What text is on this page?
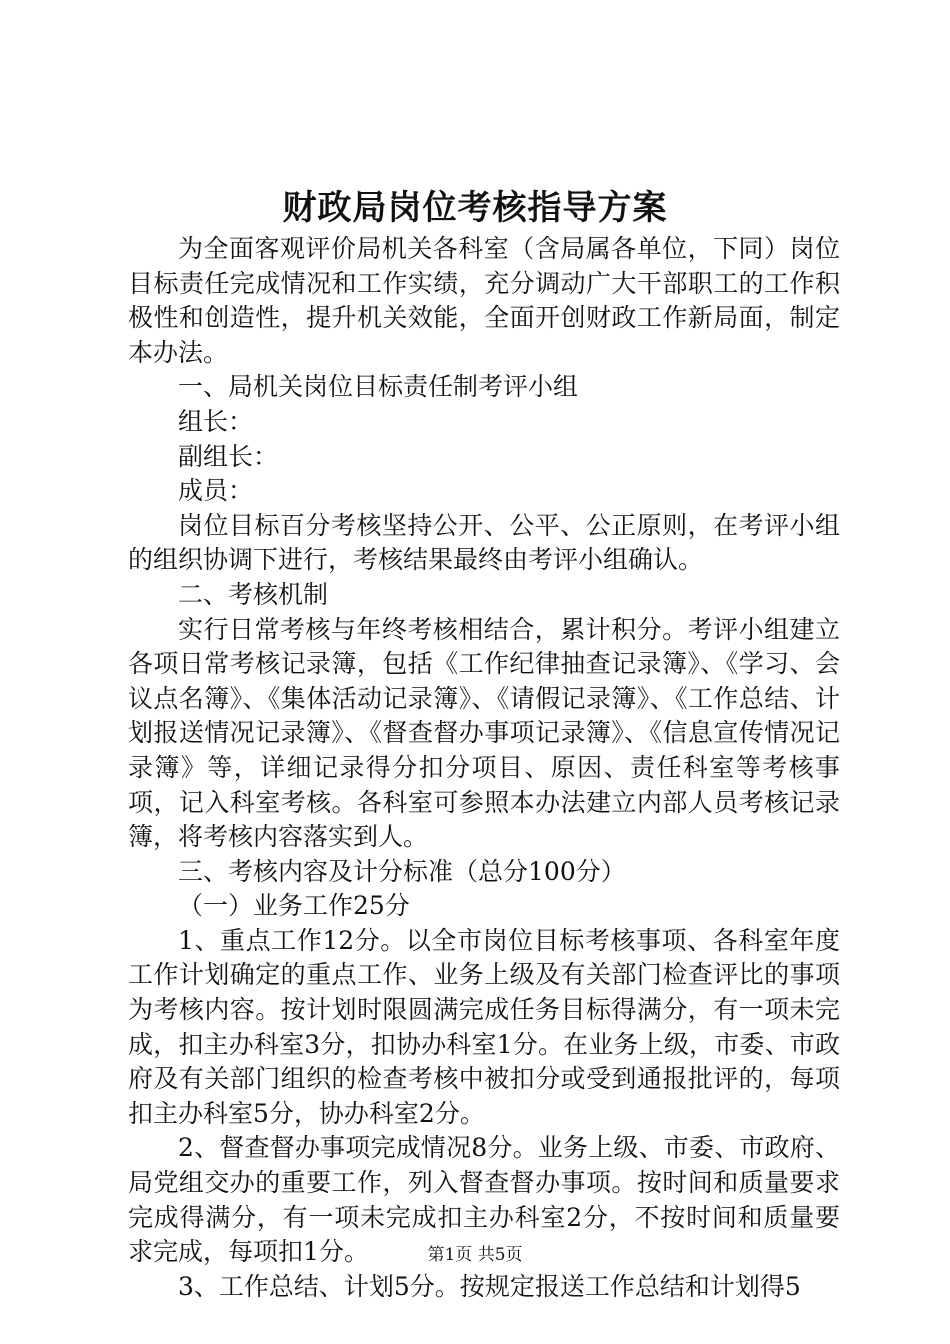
财政局岗位考核指导方案

为全面客观评价局机关各科室（含局属各单位，下同）岗位目标责任完成情况和工作实绩，充分调动广大干部职工的工作积极性和创造性，提升机关效能，全面开创财政工作新局面，制定本办法。

一、局机关岗位目标责任制考评小组

组长：

副组长：

成员：

岗位目标百分考核坚持公开、公平、公正原则，在考评小组的组织协调下进行，考核结果最终由考评小组确认。

二、考核机制

实行日常考核与年终考核相结合，累计积分。考评小组建立各项日常考核记录簿，包括《工作纪律抽查记录簿》、《学习、会议点名簿》、《集体活动记录簿》、《请假记录簿》、《工作总结、计划报送情况记录簿》、《督查督办事项记录簿》、《信息宣传情况记录簿》等，详细记录得分扣分项目、原因、责任科室等考核事项，记入科室考核。各科室可参照本办法建立内部人员考核记录簿，将考核内容落实到人。

三、考核内容及计分标准（总分100分）

（一）业务工作25分

1、重点工作12分。以全市岗位目标考核事项、各科室年度工作计划确定的重点工作、业务上级及有关部门检查评比的事项为考核内容。按计划时限圆满完成任务目标得满分，有一项未完成，扣主办科室3分，扣协办科室1分。在业务上级，市委、市政府及有关部门组织的检查考核中被扣分或受到通报批评的，每项扣主办科室5分，协办科室2分。

2、督查督办事项完成情况8分。业务上级、市委、市政府、局党组交办的重要工作，列入督查督办事项。按时间和质量要求完成得满分，有一项未完成扣主办科室2分，不按时间和质量要求完成，每项扣1分。

3、工作总结、计划5分。按规定报送工作总结和计划得5

第1页 共5页
